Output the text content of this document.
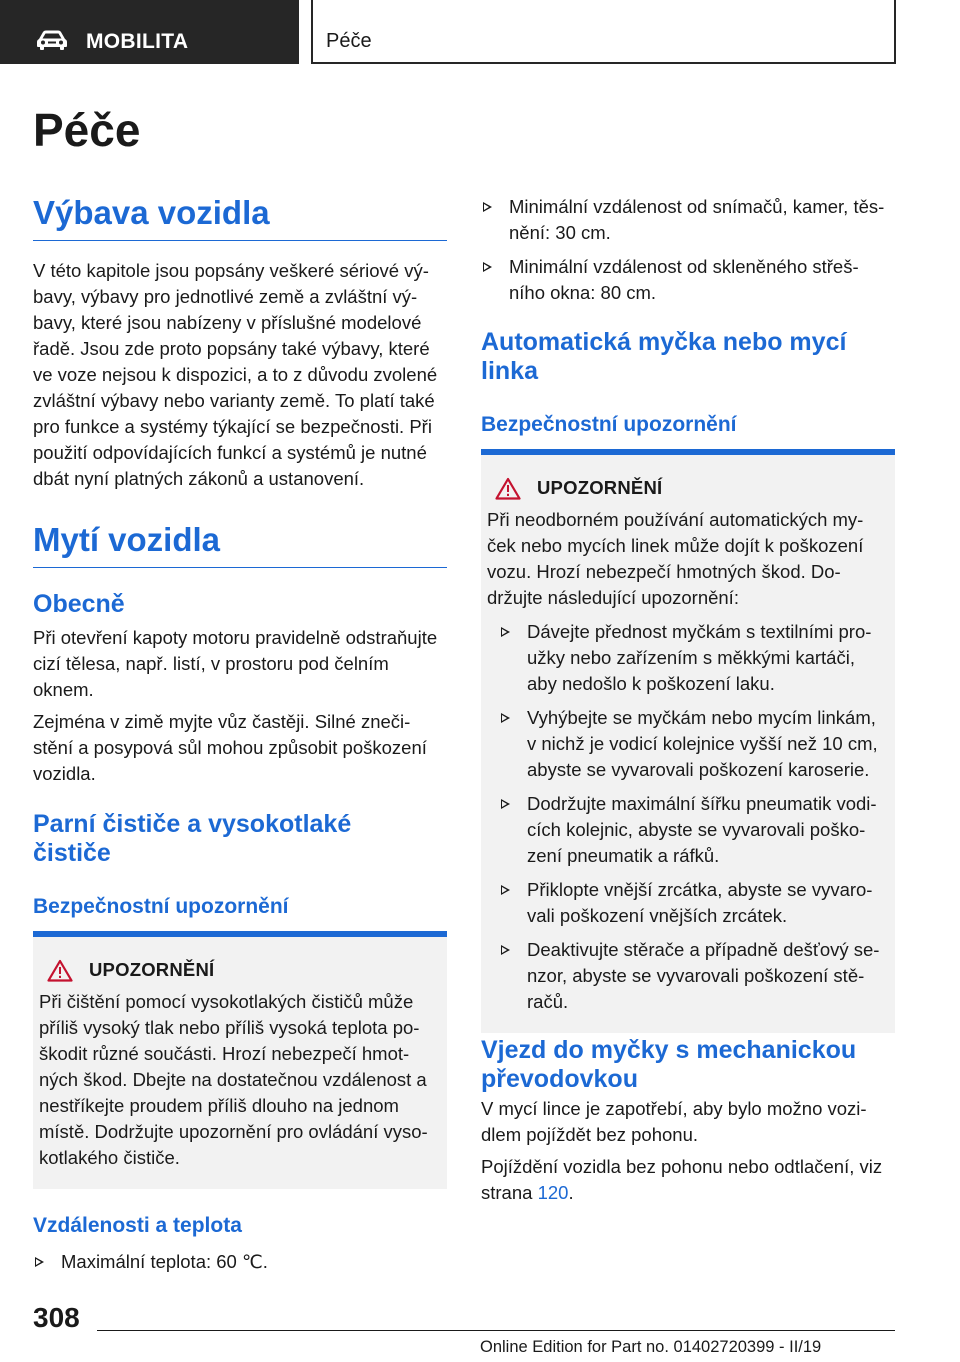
MOBILITA	Péče
Péče
Výbava vozidla
V této kapitole jsou popsány veškeré sériové vý-
bavy, výbavy pro jednotlivé země a zvláštní vý-
bavy, které jsou nabízeny v příslušné modelové
řadě. Jsou zde proto popsány také výbavy, které
ve voze nejsou k dispozici, a to z důvodu zvolené
zvláštní výbavy nebo varianty země. To platí také
pro funkce a systémy týkající se bezpečnosti. Při
použití odpovídajících funkcí a systémů je nutné
dbát nyní platných zákonů a ustanovení.
Mytí vozidla
Obecně
Při otevření kapoty motoru pravidelně odstraňujte
cizí tělesa, např. listí, v prostoru pod čelním
oknem.
Zejména v zimě myjte vůz častěji. Silné zneči-
stění a posypová sůl mohou způsobit poškození
vozidla.
Parní čističe a vysokotlaké
čističe
Bezpečnostní upozornění
UPOZORNĚNÍ
Při čištění pomocí vysokotlakých čističů může
příliš vysoký tlak nebo příliš vysoká teplota po-
škodit různé součásti. Hrozí nebezpečí hmot-
ných škod. Dbejte na dostatečnou vzdálenost a
nestříkejte proudem příliš dlouho na jednom
místě. Dodržujte upozornění pro ovládání vyso-
kotlakého čističe.
Vzdálenosti a teplota
Maximální teplota: 60 ℃.
Minimální vzdálenost od snímačů, kamer, těs-
nění: 30 cm.
Minimální vzdálenost od skleněného střeš-
ního okna: 80 cm.
Automatická myčka nebo mycí
linka
Bezpečnostní upozornění
UPOZORNĚNÍ
Při neodborném používání automatických my-
ček nebo mycích linek může dojít k poškození
vozu. Hrozí nebezpečí hmotných škod. Do-
držujte následující upozornění:
Dávejte přednost myčkám s textilními pro-
užky nebo zařízením s měkkými kartáči,
aby nedošlo k poškození laku.
Vyhýbejte se myčkám nebo mycím linkám,
v nichž je vodicí kolejnice vyšší než 10 cm,
abyste se vyvarovali poškození karoserie.
Dodržujte maximální šířku pneumatik vodi-
cích kolejnic, abyste se vyvarovali poško-
zení pneumatik a ráfků.
Přiklopte vnější zrcátka, abyste se vyvaro-
vali poškození vnějších zrcátek.
Deaktivujte stěrače a případně dešťový se-
nzor, abyste se vyvarovali poškození stě-
račů.
Vjezd do myčky s mechanickou
převodovkou
V mycí lince je zapotřebí, aby bylo možno vozi-
dlem pojíždět bez pohonu.
Pojíždění vozidla bez pohonu nebo odtlačení, viz
strana 120.
308
Online Edition for Part no. 01402720399 - II/19
